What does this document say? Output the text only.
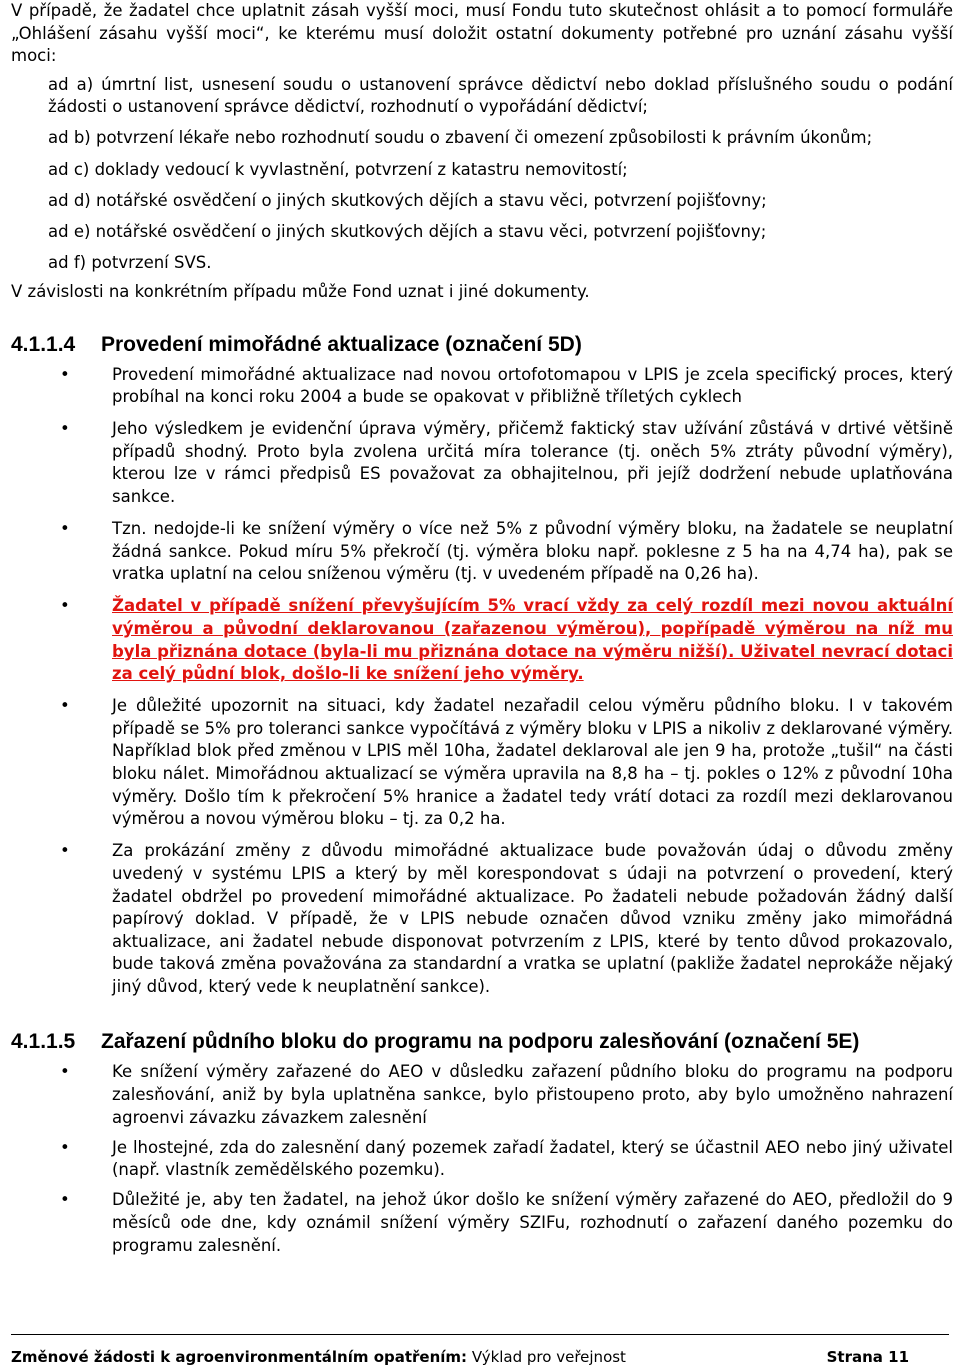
V případě, že žadatel chce uplatnit zásah vyšší moci, musí Fondu tuto skutečnost ohlásit a to pomocí formuláře „Ohlášení zásahu vyšší moci“, ke kterému musí doložit ostatní dokumenty potřebné pro uznání zásahu vyšší moci:

ad a) úmrtní list, usnesení soudu o ustanovení správce dědictví nebo doklad příslušného soudu o podání žádosti o ustanovení správce dědictví, rozhodnutí o vypořádání dědictví;
ad b) potvrzení lékaře nebo rozhodnutí soudu o zbavení či omezení způsobilosti k právním úkonům;
ad c) doklady vedoucí k vyvlastnění, potvrzení z katastru nemovitostí;
ad d) notářské osvědčení o jiných skutkových dějích a stavu věci, potvrzení pojišťovny;
ad e) notářské osvědčení o jiných skutkových dějích a stavu věci, potvrzení pojišťovny;
ad f) potvrzení SVS.

V závislosti na konkrétním případu může Fond uznat i jiné dokumenty.

4.1.1.4	Provedení mimořádné aktualizace (označení 5D)
•	Provedení mimořádné aktualizace nad novou ortofotomapou v LPIS je zcela specifický proces, který probíhal na konci roku 2004 a bude se opakovat v přibližně tříletých cyklech
•	Jeho výsledkem je evidenční úprava výměry, přičemž faktický stav užívání zůstává v drtivé většině případů shodný. Proto byla zvolena určitá míra tolerance (tj. oněch 5% ztráty původní výměry), kterou lze v rámci předpisů ES považovat za obhajitelnou, při jejíž dodržení nebude uplatňována sankce.
•	Tzn. nedojde-li ke snížení výměry o více než 5% z původní výměry bloku, na žadatele se neuplatní žádná sankce. Pokud míru 5% překročí (tj. výměra bloku např. poklesne z 5 ha na 4,74 ha), pak se vratka uplatní na celou sníženou výměru (tj. v uvedeném případě na 0,26 ha).
•	Žadatel v případě snížení převyšujícím 5% vrací vždy za celý rozdíl mezi novou aktuální výměrou a původní deklarovanou (zařazenou výměrou), popřípadě výměrou na níž mu byla přiznána dotace (byla-li mu přiznána dotace na výměru nižší). Uživatel nevrací dotaci za celý půdní blok, došlo-li ke snížení jeho výměry.
•	Je důležité upozornit na situaci, kdy žadatel nezařadil celou výměru půdního bloku. I v takovém případě se 5% pro toleranci sankce vypočítává z výměry bloku v LPIS a nikoliv z deklarované výměry. Například blok před změnou v LPIS měl 10ha, žadatel deklaroval ale jen 9 ha, protože „tušil“ na části bloku nálet. Mimořádnou aktualizací se výměra upravila na 8,8 ha – tj. pokles o 12% z původní 10ha výměry. Došlo tím k překročení 5% hranice a žadatel tedy vrátí dotaci za rozdíl mezi deklarovanou výměrou a novou výměrou bloku – tj. za 0,2 ha.
•	Za prokázání změny z důvodu mimořádné aktualizace bude považován údaj o důvodu změny uvedený v systému LPIS a který by měl korespondovat s údaji na potvrzení o provedení, který žadatel obdržel po provedení mimořádné aktualizace. Po žadateli nebude požadován žádný další papírový doklad. V případě, že v LPIS nebude označen důvod vzniku změny jako mimořádná aktualizace, ani žadatel nebude disponovat potvrzením z LPIS, které by tento důvod prokazovalo, bude taková změna považována za standardní a vratka se uplatní (pakliže žadatel neprokáže nějaký jiný důvod, který vede k neuplatnění sankce).
4.1.1.5	Zařazení půdního bloku do programu na podporu zalesňování (označení 5E)
•	Ke snížení výměry zařazené do AEO v důsledku zařazení půdního bloku do programu na podporu zalesňování, aniž by byla uplatněna sankce, bylo přistoupeno proto, aby bylo umožněno nahrazení agroenvi závazku závazkem zalesnění
•	Je lhostejné, zda do zalesnění daný pozemek zařadí žadatel, který se účastnil AEO nebo jiný uživatel (např. vlastník zemědělského pozemku).
•	Důležité je, aby ten žadatel, na jehož úkor došlo ke snížení výměry zařazené do AEO, předložil do 9 měsíců ode dne, kdy oznámil snížení výměry SZIFu, rozhodnutí o zařazení daného pozemku do programu zalesnění.
Změnové žádosti k agroenvironmentálním opatřením: Výklad pro veřejnost	Strana 11
